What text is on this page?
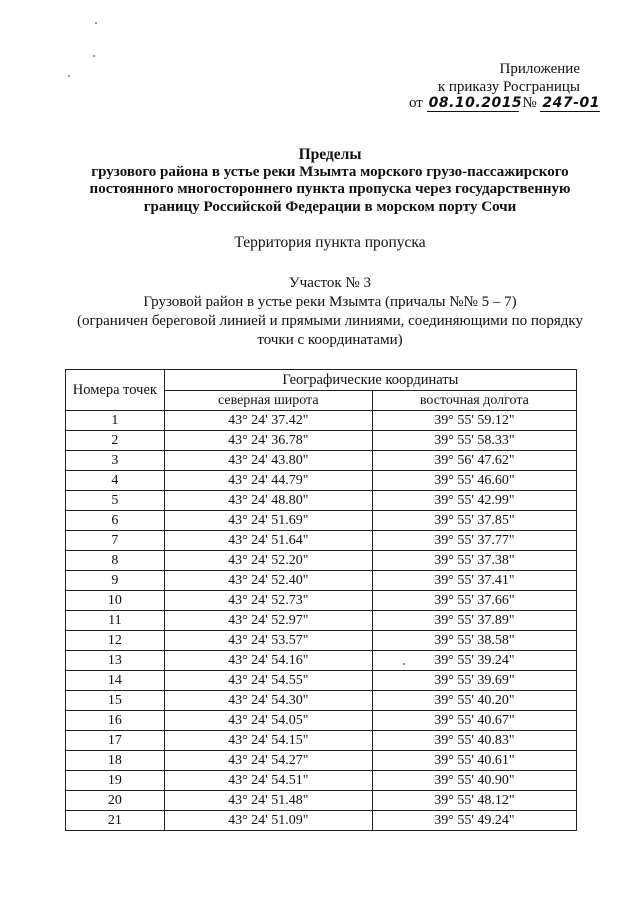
Приложение
к приказу Росграницы
от 08.10.2015 № 247-01
Пределы
грузового района в устье реки Мзымта морского грузо-пассажирского
постоянного многостороннего пункта пропуска через государственную
границу Российской Федерации в морском порту Сочи
Территория пункта пропуска
Участок № 3
Грузовой район в устье реки Мзымта (причалы №№ 5 – 7)
(ограничен береговой линией и прямыми линиями, соединяющими по порядку
точки с координатами)
Номера точек	Географические координаты	
	северная широта	восточная долгота
1	43° 24' 37.42"	39° 55' 59.12"
2	43° 24' 36.78"	39° 55' 58.33"
3	43° 24' 43.80"	39° 56' 47.62"
4	43° 24' 44.79"	39° 55' 46.60"
5	43° 24' 48.80"	39° 55' 42.99"
6	43° 24' 51.69"	39° 55' 37.85"
7	43° 24' 51.64"	39° 55' 37.77"
8	43° 24' 52.20"	39° 55' 37.38"
9	43° 24' 52.40"	39° 55' 37.41"
10	43° 24' 52.73"	39° 55' 37.66"
11	43° 24' 52.97"	39° 55' 37.89"
12	43° 24' 53.57"	39° 55' 38.58"
13	43° 24' 54.16"	39° 55' 39.24"
14	43° 24' 54.55"	39° 55' 39.69"
15	43° 24' 54.30"	39° 55' 40.20"
16	43° 24' 54.05"	39° 55' 40.67"
17	43° 24' 54.15"	39° 55' 40.83"
18	43° 24' 54.27"	39° 55' 40.61"
19	43° 24' 54.51"	39° 55' 40.90"
20	43° 24' 51.48"	39° 55' 48.12"
21	43° 24' 51.09"	39° 55' 49.24"
